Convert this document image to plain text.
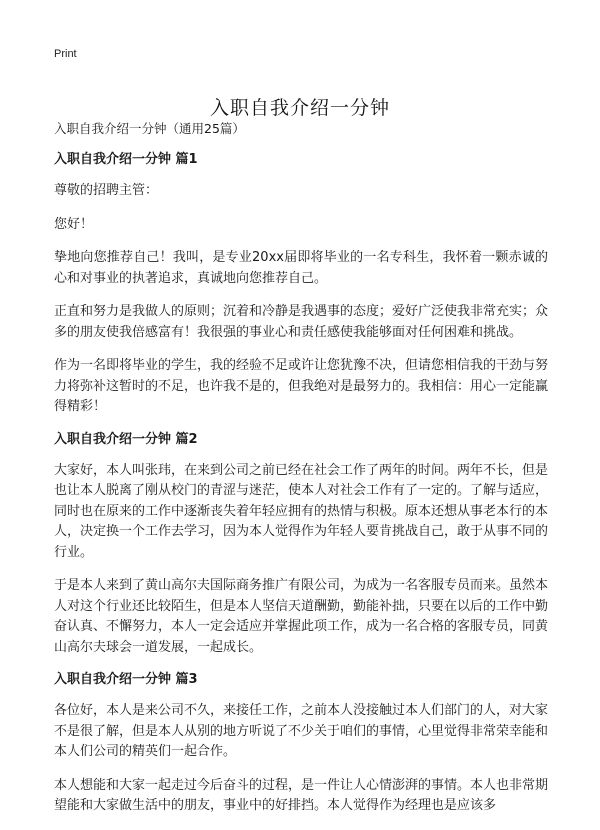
Print
入职自我介绍一分钟

入职自我介绍一分钟（通用25篇）

入职自我介绍一分钟 篇1

尊敬的招聘主管：

您好！

挚地向您推荐自己！我叫，是专业20xx届即将毕业的一名专科生，我怀着一颗赤诚的心和对事业的执著追求，真诚地向您推荐自己。

正直和努力是我做人的原则；沉着和冷静是我遇事的态度；爱好广泛使我非常充实；众多的朋友使我倍感富有！我很强的事业心和责任感使我能够面对任何困难和挑战。

作为一名即将毕业的学生，我的经验不足或许让您犹豫不决，但请您相信我的干劲与努力将弥补这暂时的不足，也许我不是的，但我绝对是最努力的。我相信：用心一定能赢得精彩！

入职自我介绍一分钟 篇2

大家好，本人叫张玮，在来到公司之前已经在社会工作了两年的时间。两年不长，但是也让本人脱离了刚从校门的青涩与迷茫，使本人对社会工作有了一定的。了解与适应，同时也在原来的工作中逐渐丧失着年轻应拥有的热情与积极。原本还想从事老本行的本人，决定换一个工作去学习，因为本人觉得作为年轻人要肯挑战自己，敢于从事不同的行业。

于是本人来到了黄山高尔夫国际商务推广有限公司，为成为一名客服专员而来。虽然本人对这个行业还比较陌生，但是本人坚信天道酬勤，勤能补拙，只要在以后的工作中勤奋认真、不懈努力，本人一定会适应并掌握此项工作，成为一名合格的客服专员，同黄山高尔夫球会一道发展，一起成长。

入职自我介绍一分钟 篇3

各位好，本人是来公司不久，来接任工作，之前本人没接触过本人们部门的人，对大家不是很了解，但是本人从别的地方听说了不少关于咱们的事情，心里觉得非常荣幸能和本人们公司的精英们一起合作。

本人想能和大家一起走过今后奋斗的过程，是一件让人心情澎湃的事情。本人也非常期望能和大家做生活中的朋友，事业中的好排挡。本人觉得作为经理也是应该多
